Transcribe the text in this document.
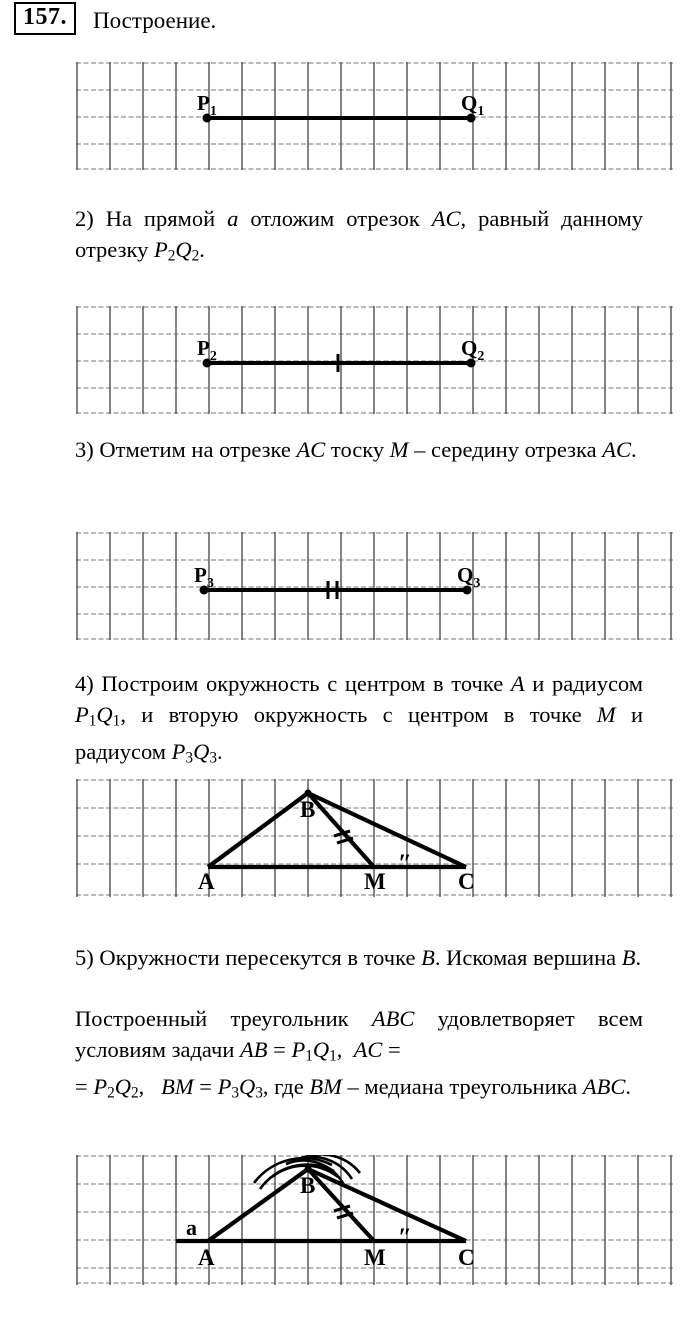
157.	Построение.
$P_1$	$Q_1$
2) На прямой a отложим отрезок AC, равный данному отрезку $P_2Q_2$.
$P_2$	$Q_2$
3) Отметим на отрезке AC тоску M – середину отрезка AC.
$P_3$	$Q_3$
4) Построим окружность с центром в точке A и радиусом $P_1Q_1$, и вторую окружность с центром в точке M и радиусом $P_3Q_3$.
A
B
M	C
″
5) Окружности пересекутся в точке B. Искомая вершина B.
Построенный треугольник ABC удовлетворяет всем условиям задачи AB = $P_1Q_1$,  AC =
= $P_2Q_2$,   BM = $P_3Q_3$, где BM – медиана треугольника ABC.
a
A
B
M	C
″
